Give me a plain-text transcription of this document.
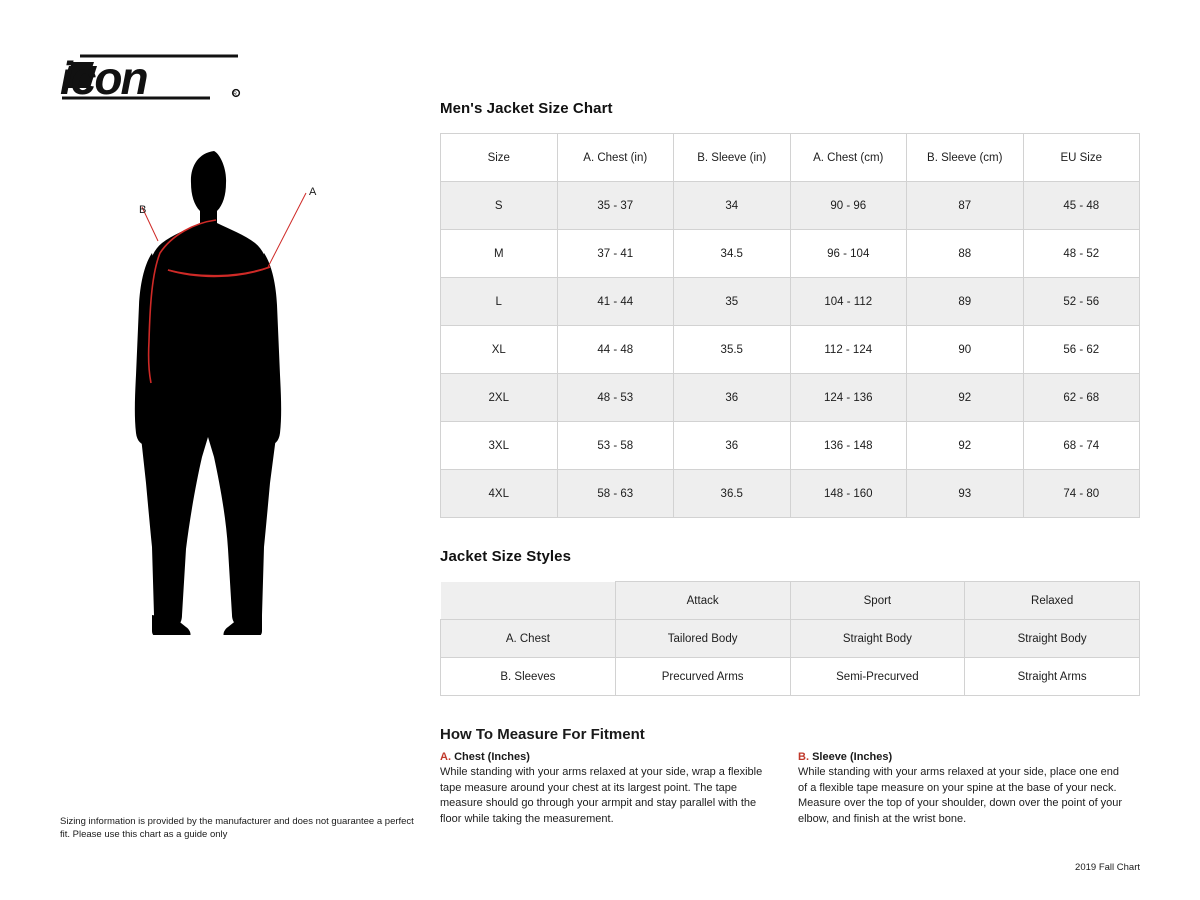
icon	R
A
B
Men's Jacket Size Chart
Size	A. Chest (in)	B. Sleeve (in)	A. Chest (cm)	B. Sleeve (cm)	EU Size
S	35 - 37	34	90 - 96	87	45 - 48
M	37 - 41	34.5	96 - 104	88	48 - 52
L	41 - 44	35	104 - 112	89	52 - 56
XL	44 - 48	35.5	112 - 124	90	56 - 62
2XL	48 - 53	36	124 - 136	92	62 - 68
3XL	53 - 58	36	136 - 148	92	68 - 74
4XL	58 - 63	36.5	148 - 160	93	74 - 80
Jacket Size Styles
	Attack	Sport	Relaxed
A. Chest	Tailored Body	Straight Body	Straight Body
B. Sleeves	Precurved Arms	Semi-Precurved	Straight Arms
How To Measure For Fitment
A. Chest (Inches)
While standing with your arms relaxed at your side, wrap a flexible tape measure around your chest at its largest point. The tape measure should go through your armpit and stay parallel with the floor while taking the measurement.
B. Sleeve (Inches)
While standing with your arms relaxed at your side, place one end of a flexible tape measure on your spine at the base of your neck. Measure over the top of your shoulder, down over the point of your elbow, and finish at the wrist bone.
Sizing information is provided by the manufacturer and does not guarantee a perfect fit. Please use this chart as a guide only
2019 Fall Chart
